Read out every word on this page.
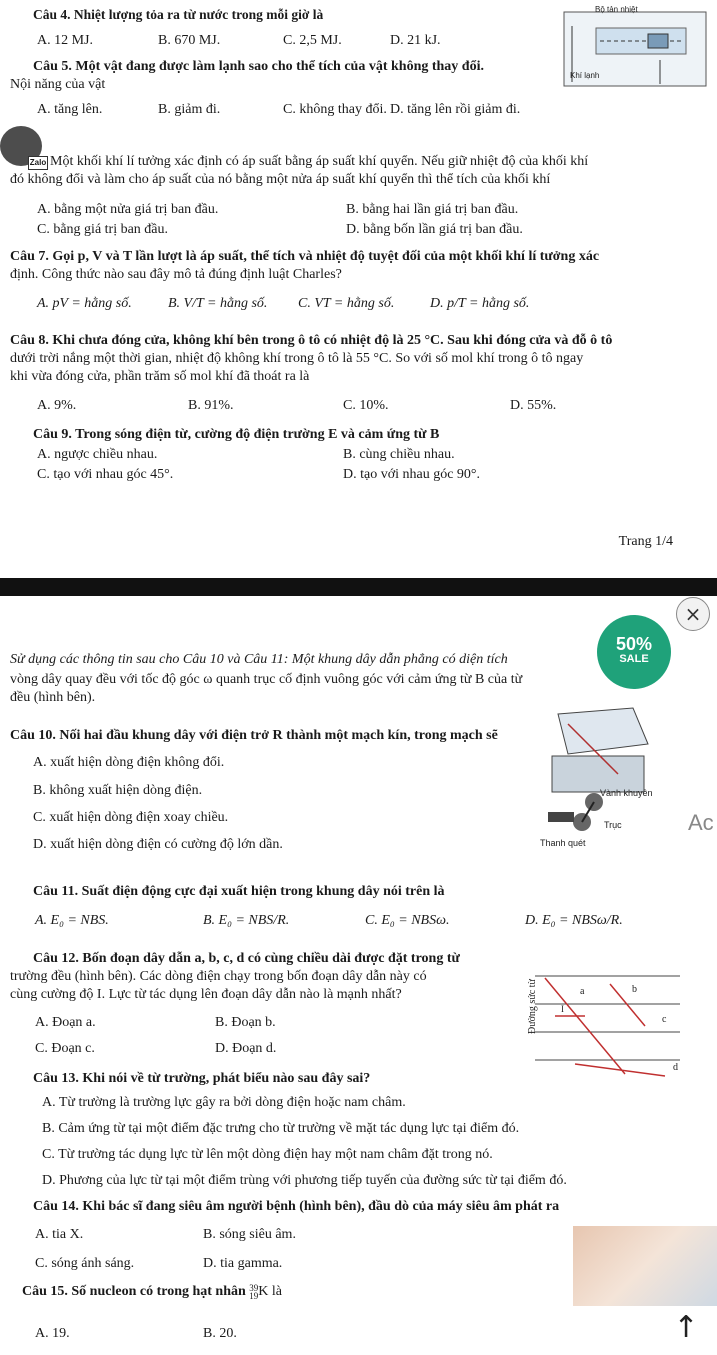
Câu 4. Nhiệt lượng tỏa ra từ nước trong mỗi giờ là
A. 12 MJ.	B. 670 MJ.	C. 2,5 MJ.	D. 21 kJ.
Bộ tản nhiệt
Khí lạnh
Câu 5. Một vật đang được làm lạnh sao cho thể tích của vật không thay đổi.
Nội năng của vật
A. tăng lên.	B. giảm đi.	C. không thay đổi. D. tăng lên rồi giảm đi.
Zalo Một khối khí lí tưởng xác định có áp suất bằng áp suất khí quyển. Nếu giữ nhiệt độ của khối khí
đó không đổi và làm cho áp suất của nó bằng một nửa áp suất khí quyển thì thể tích của khối khí
A. bằng một nửa giá trị ban đầu.	B. bằng hai lần giá trị ban đầu.
C. bằng giá trị ban đầu.	D. bằng bốn lần giá trị ban đầu.
Câu 7. Gọi p, V và T lần lượt là áp suất, thể tích và nhiệt độ tuyệt đối của một khối khí lí tưởng xác
định. Công thức nào sau đây mô tả đúng định luật Charles?
A. pV = hằng số.	B. V/T = hằng số. C. VT = hằng số.	D. p/T = hằng số.
Câu 8. Khi chưa đóng cửa, không khí bên trong ô tô có nhiệt độ là 25 °C. Sau khi đóng cửa và đỗ ô tô
dưới trời nắng một thời gian, nhiệt độ không khí trong ô tô là 55 °C. So với số mol khí trong ô tô ngay
khi vừa đóng cửa, phần trăm số mol khí đã thoát ra là
A. 9%.	B. 91%.	C. 10%.	D. 55%.
Câu 9. Trong sóng điện từ, cường độ điện trường E và cảm ứng từ B
A. ngược chiều nhau.	B. cùng chiều nhau.
C. tạo với nhau góc 45°.	D. tạo với nhau góc 90°.
Trang 1/4
Sử dụng các thông tin sau cho Câu 10 và Câu 11: Một khung dây dẫn phẳng có diện tích
vòng dây quay đều với tốc độ góc ω quanh trục cố định vuông góc với cảm ứng từ B của từ
đều (hình bên).
Câu 10. Nối hai đầu khung dây với điện trở R thành một mạch kín, trong mạch sẽ
A. xuất hiện dòng điện không đổi.
B. không xuất hiện dòng điện.
C. xuất hiện dòng điện xoay chiều.
D. xuất hiện dòng điện có cường độ lớn dần.
Vành khuyên
Trục
Thanh quét
Câu 11. Suất điện động cực đại xuất hiện trong khung dây nói trên là
A. E₀ = NBS.	B. E₀ = NBS/R.	C. E₀ = NBSω.	D. E₀ = NBSω/R.
Câu 12. Bốn đoạn dây dẫn a, b, c, d có cùng chiều dài được đặt trong từ
trường đều (hình bên). Các dòng điện chạy trong bốn đoạn dây dẫn này có
cùng cường độ I. Lực từ tác dụng lên đoạn dây dẫn nào là mạnh nhất?
A. Đoạn a.	B. Đoạn b.
C. Đoạn c.	D. Đoạn d.
Đường sức từ	a	b
c
d
I
Câu 13. Khi nói về từ trường, phát biểu nào sau đây sai?
A. Từ trường là trường lực gây ra bởi dòng điện hoặc nam châm.
B. Cảm ứng từ tại một điểm đặc trưng cho từ trường về mặt tác dụng lực tại điểm đó.
C. Từ trường tác dụng lực từ lên một dòng điện hay một nam châm đặt trong nó.
D. Phương của lực từ tại một điểm trùng với phương tiếp tuyến của đường sức từ tại điểm đó.
Câu 14. Khi bác sĩ đang siêu âm người bệnh (hình bên), đầu dò của máy siêu âm phát ra
A. tia X.	B. sóng siêu âm.
C. sóng ánh sáng.	D. tia gamma.
Câu 15. Số nucleon có trong hạt nhân 39
19 K là
A. 19.	B. 20.
50%
SALE
×
Ac
↑
